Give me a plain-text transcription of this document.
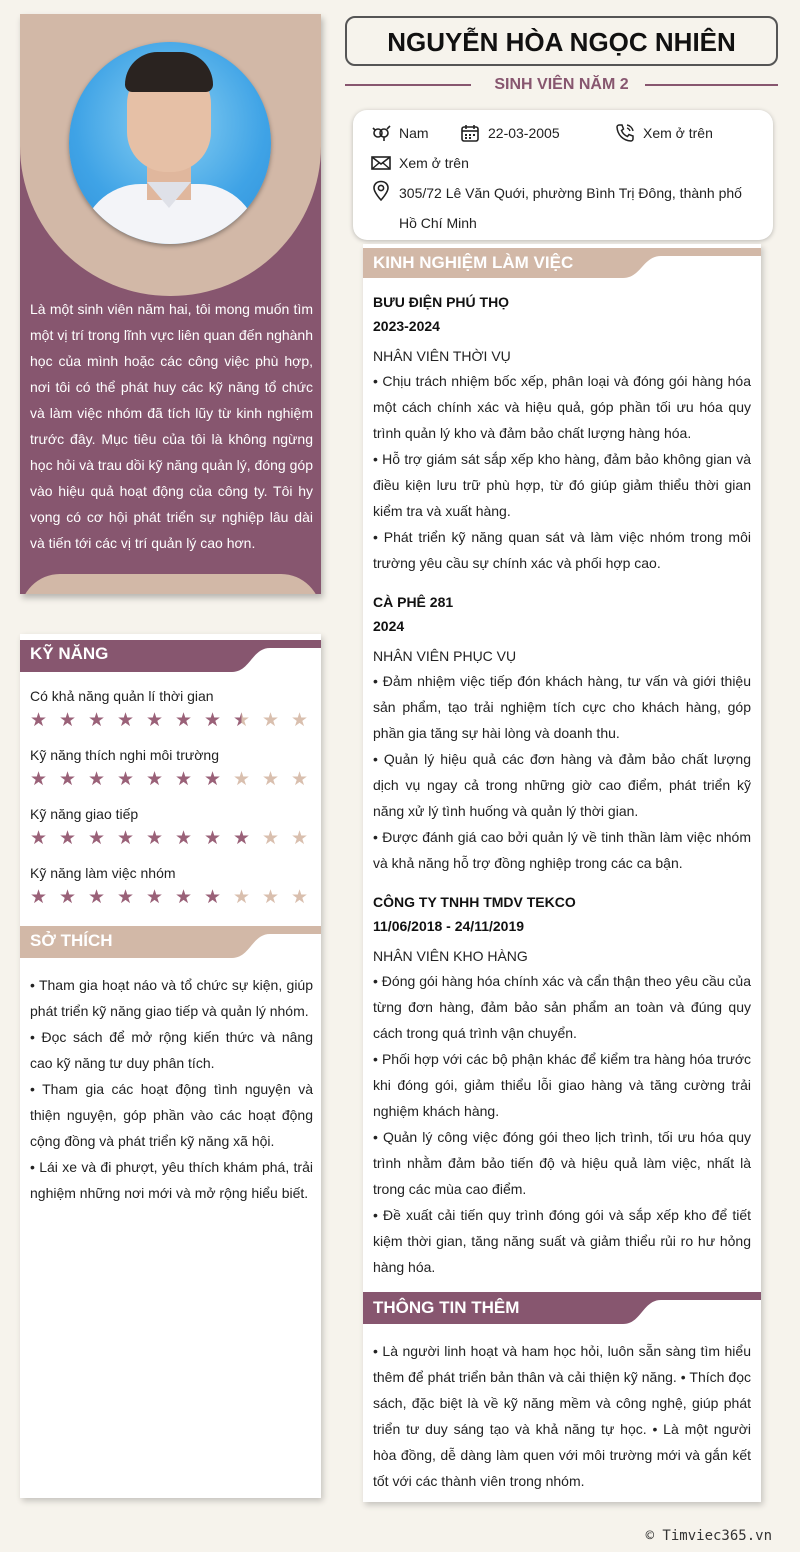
Là một sinh viên năm hai, tôi mong muốn tìm một vị trí trong lĩnh vực liên quan đến nghành học của mình hoặc các công việc phù hợp, nơi tôi có thể phát huy các kỹ năng tổ chức và làm việc nhóm đã tích lũy từ kinh nghiệm trước đây. Mục tiêu của tôi là không ngừng học hỏi và trau dồi kỹ năng quản lý, đóng góp vào hiệu quả hoạt động của công ty. Tôi hy vọng có cơ hội phát triển sự nghiệp lâu dài và tiến tới các vị trí quản lý cao hơn.

KỸ NĂNG
Có khả năng quản lí thời gian
★ ★ ★ ★ ★ ★ ★ ★ ★ ★
Kỹ năng thích nghi môi trường
★ ★ ★ ★ ★ ★ ★ ★ ★ ★
Kỹ năng giao tiếp
★ ★ ★ ★ ★ ★ ★ ★ ★ ★
Kỹ năng làm việc nhóm
★ ★ ★ ★ ★ ★ ★ ★ ★ ★
SỞ THÍCH

• Tham gia hoạt náo và tổ chức sự kiện, giúp phát triển kỹ năng giao tiếp và quản lý nhóm.

• Đọc sách để mở rộng kiến thức và nâng cao kỹ năng tư duy phân tích.

• Tham gia các hoạt động tình nguyện và thiện nguyện, góp phần vào các hoạt động cộng đồng và phát triển kỹ năng xã hội.

• Lái xe và đi phượt, yêu thích khám phá, trải nghiệm những nơi mới và mở rộng hiểu biết.

NGUYỄN HÒA NGỌC NHIÊN
SINH VIÊN NĂM 2
Nam	22-03-2005	Xem ở trên
Xem ở trên
305/72 Lê Văn Quới, phường Bình Trị Đông, thành phố
Hồ Chí Minh
KINH NGHIỆM LÀM VIỆC
BƯU ĐIỆN PHÚ THỌ
2023-2024
NHÂN VIÊN THỜI VỤ

• Chịu trách nhiệm bốc xếp, phân loại và đóng gói hàng hóa một cách chính xác và hiệu quả, góp phần tối ưu hóa quy trình quản lý kho và đảm bảo chất lượng hàng hóa.

• Hỗ trợ giám sát sắp xếp kho hàng, đảm bảo không gian và điều kiện lưu trữ phù hợp, từ đó giúp giảm thiểu thời gian kiểm tra và xuất hàng.

• Phát triển kỹ năng quan sát và làm việc nhóm trong môi trường yêu cầu sự chính xác và phối hợp cao.

CÀ PHÊ 281
2024
NHÂN VIÊN PHỤC VỤ

• Đảm nhiệm việc tiếp đón khách hàng, tư vấn và giới thiệu sản phẩm, tạo trải nghiệm tích cực cho khách hàng, góp phần gia tăng sự hài lòng và doanh thu.

• Quản lý hiệu quả các đơn hàng và đảm bảo chất lượng dịch vụ ngay cả trong những giờ cao điểm, phát triển kỹ năng xử lý tình huống và quản lý thời gian.

• Được đánh giá cao bởi quản lý về tinh thần làm việc nhóm và khả năng hỗ trợ đồng nghiệp trong các ca bận.

CÔNG TY TNHH TMDV TEKCO
11/06/2018 - 24/11/2019
NHÂN VIÊN KHO HÀNG

• Đóng gói hàng hóa chính xác và cẩn thận theo yêu cầu của từng đơn hàng, đảm bảo sản phẩm an toàn và đúng quy cách trong quá trình vận chuyển.

• Phối hợp với các bộ phận khác để kiểm tra hàng hóa trước khi đóng gói, giảm thiểu lỗi giao hàng và tăng cường trải nghiệm khách hàng.

• Quản lý công việc đóng gói theo lịch trình, tối ưu hóa quy trình nhằm đảm bảo tiến độ và hiệu quả làm việc, nhất là trong các mùa cao điểm.

• Đề xuất cải tiến quy trình đóng gói và sắp xếp kho để tiết kiệm thời gian, tăng năng suất và giảm thiểu rủi ro hư hỏng hàng hóa.

THÔNG TIN THÊM

• Là người linh hoạt và ham học hỏi, luôn sẵn sàng tìm hiểu thêm để phát triển bản thân và cải thiện kỹ năng. • Thích đọc sách, đặc biệt là về kỹ năng mềm và công nghệ, giúp phát triển tư duy sáng tạo và khả năng tự học. • Là một người hòa đồng, dễ dàng làm quen với môi trường mới và gắn kết tốt với các thành viên trong nhóm.

© Timviec365.vn
